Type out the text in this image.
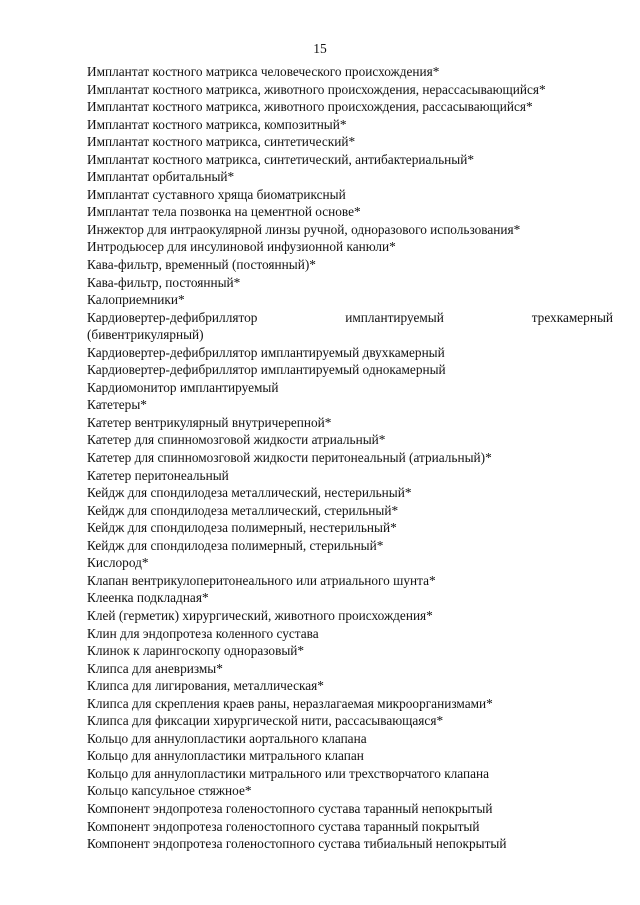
15
Имплантат костного матрикса человеческого происхождения*
Имплантат костного матрикса, животного происхождения, нерассасывающийся*
Имплантат костного матрикса, животного происхождения, рассасывающийся*
Имплантат костного матрикса, композитный*
Имплантат костного матрикса, синтетический*
Имплантат костного матрикса, синтетический, антибактериальный*
Имплантат орбитальный*
Имплантат суставного хряща биоматриксный
Имплантат тела позвонка на цементной основе*
Инжектор для интраокулярной линзы ручной, одноразового использования*
Интродьюсер для инсулиновой инфузионной канюли*
Кава-фильтр, временный (постоянный)*
Кава-фильтр, постоянный*
Калоприемники*
Кардиовертер-дефибриллятор	имплантируемый	трехкамерный
(бивентрикулярный)
Кардиовертер-дефибриллятор имплантируемый двухкамерный
Кардиовертер-дефибриллятор имплантируемый однокамерный
Кардиомонитор имплантируемый
Катетеры*
Катетер вентрикулярный внутричерепной*
Катетер для спинномозговой жидкости атриальный*
Катетер для спинномозговой жидкости перитонеальный (атриальный)*
Катетер перитонеальный
Кейдж для спондилодеза металлический, нестерильный*
Кейдж для спондилодеза металлический, стерильный*
Кейдж для спондилодеза полимерный, нестерильный*
Кейдж для спондилодеза полимерный, стерильный*
Кислород*
Клапан вентрикулоперитонеального или атриального шунта*
Клеенка подкладная*
Клей (герметик) хирургический, животного происхождения*
Клин для эндопротеза коленного сустава
Клинок к ларингоскопу одноразовый*
Клипса для аневризмы*
Клипса для лигирования, металлическая*
Клипса для скрепления краев раны, неразлагаемая микроорганизмами*
Клипса для фиксации хирургической нити, рассасывающаяся*
Кольцо для аннулопластики аортального клапана
Кольцо для аннулопластики митрального клапан
Кольцо для аннулопластики митрального или трехстворчатого клапана
Кольцо капсульное стяжное*
Компонент эндопротеза голеностопного сустава таранный непокрытый
Компонент эндопротеза голеностопного сустава таранный покрытый
Компонент эндопротеза голеностопного сустава тибиальный непокрытый
